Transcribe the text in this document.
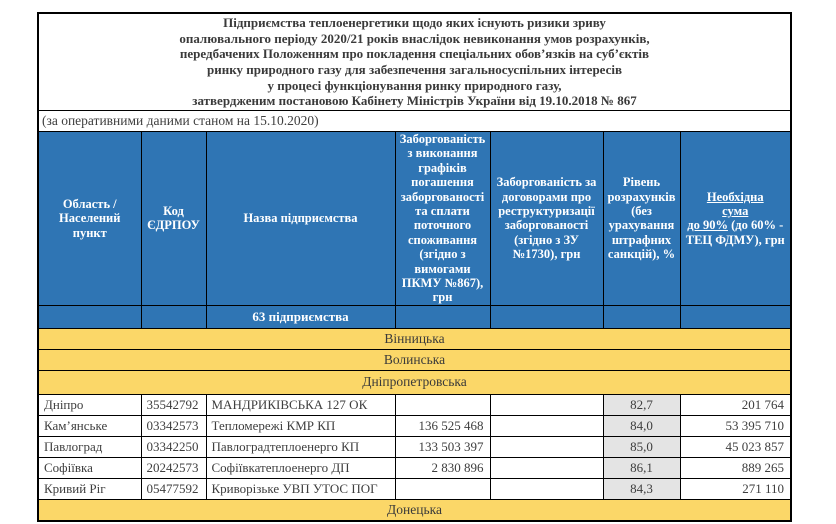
Підприємства теплоенергетики щодо яких існують ризики зриву
опалювального періоду 2020/21 років внаслідок невиконання умов розрахунків,
передбачених Положенням про покладення спеціальних обов’язків на суб’єктів
ринку природного газу для забезпечення загальносуспільних інтересів
у процесі функціонування ринку природного газу,
затвердженим постановою Кабінету Міністрів України від 19.10.2018 № 867

(за оперативними даними станом на 15.10.2020)						
Область / Населений пункт	Код ЄДРПОУ	Назва підприємства	Заборгованість з виконання графіків погашення заборгованості та сплати поточного споживання (згідно з вимогами ПКМУ №867), грн	Заборгованість за договорами про реструктуризації заборгованості (згідно з ЗУ №1730), грн	Рівень розрахунків (без урахування штрафних санкцій), %	Необхідна сума
до 90% (до 60% - ТЕЦ ФДМУ), грн

		63 підприємства				
Вінницька						
Волинська						
Дніпропетровська						
Дніпро	35542792	МАНДРИКІВСЬКА 127 ОК			82,7	201 764
Кам’янське	03342573	Тепломережі КМР КП	136 525 468		84,0	53 395 710
Павлоград	03342250	Павлоградтеплоенерго КП	133 503 397		85,0	45 023 857
Софіївка	20242573	Софіївкатеплоенерго ДП	2 830 896		86,1	889 265
Кривий Ріг	05477592	Криворізьке УВП УТОС ПОГ			84,3	271 110
Донецька						
